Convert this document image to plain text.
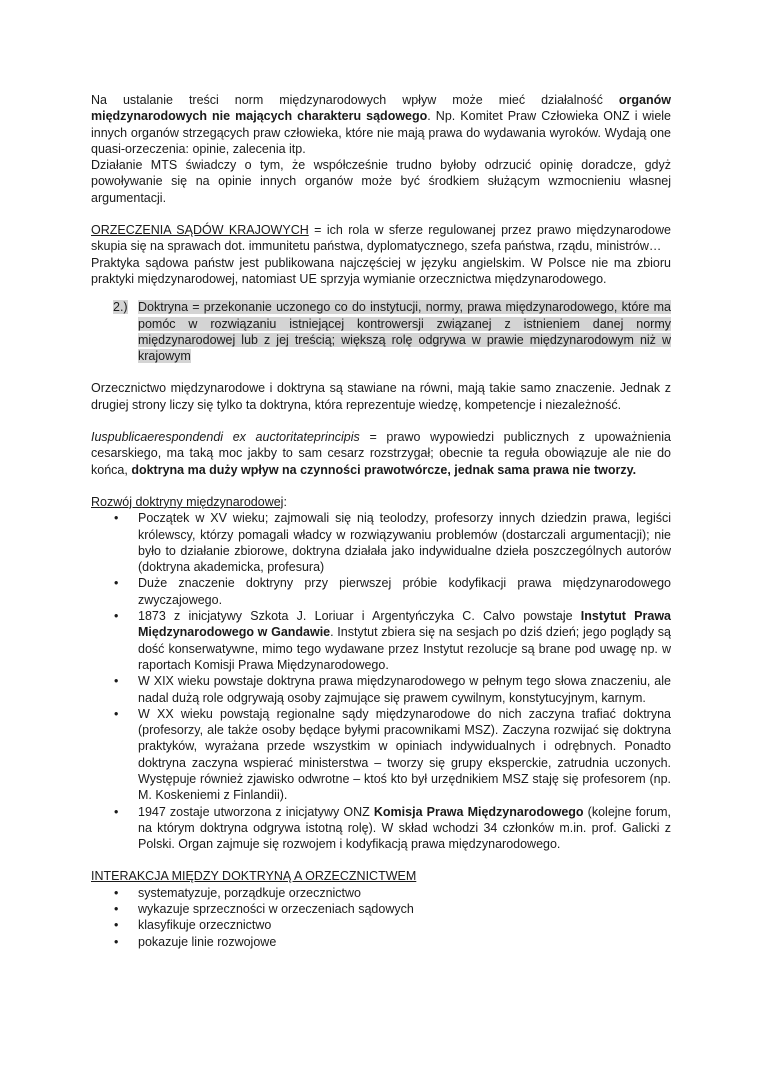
Na ustalanie treści norm międzynarodowych wpływ może mieć działalność organów międzynarodowych nie mających charakteru sądowego. Np. Komitet Praw Człowieka ONZ i wiele innych organów strzegących praw człowieka, które nie mają prawa do wydawania wyroków. Wydają one quasi-orzeczenia: opinie, zalecenia itp.

Działanie MTS świadczy o tym, że współcześnie trudno byłoby odrzucić opinię doradcze, gdyż powoływanie się na opinie innych organów może być środkiem służącym wzmocnieniu własnej argumentacji.

ORZECZENIA SĄDÓW KRAJOWYCH = ich rola w sferze regulowanej przez prawo międzynarodowe skupia się na sprawach dot. immunitetu państwa, dyplomatycznego, szefa państwa, rządu, ministrów…

Praktyka sądowa państw jest publikowana najczęściej w języku angielskim. W Polsce nie ma zbioru praktyki międzynarodowej, natomiast UE sprzyja wymianie orzecznictwa międzynarodowego.

2.) Doktryna = przekonanie uczonego co do instytucji, normy, prawa międzynarodowego, które ma pomóc w rozwiązaniu istniejącej kontrowersji związanej z istnieniem danej normy międzynarodowej lub z jej treścią; większą rolę odgrywa w prawie międzynarodowym niż w krajowym

Orzecznictwo międzynarodowe i doktryna są stawiane na równi, mają takie samo znaczenie. Jednak z drugiej strony liczy się tylko ta doktryna, która reprezentuje wiedzę, kompetencje i niezależność.

Iuspublicaerespondendi ex auctoritateprincipis = prawo wypowiedzi publicznych z upoważnienia cesarskiego, ma taką moc jakby to sam cesarz rozstrzygał; obecnie ta reguła obowiązuje ale nie do końca, doktryna ma duży wpływ na czynności prawotwórcze, jednak sama prawa nie tworzy.

Rozwój doktryny międzynarodowej:

• Początek w XV wieku; zajmowali się nią teolodzy, profesorzy innych dziedzin prawa, legiści królewscy, którzy pomagali władcy w rozwiązywaniu problemów (dostarczali argumentacji); nie było to działanie zbiorowe, doktryna działała jako indywidualne dzieła poszczególnych autorów (doktryna akademicka, profesura)
• Duże znaczenie doktryny przy pierwszej próbie kodyfikacji prawa międzynarodowego zwyczajowego.
• 1873 z inicjatywy Szkota J. Loriuar i Argentyńczyka C. Calvo powstaje Instytut Prawa Międzynarodowego w Gandawie. Instytut zbiera się na sesjach po dziś dzień; jego poglądy są dość konserwatywne, mimo tego wydawane przez Instytut rezolucje są brane pod uwagę np. w raportach Komisji Prawa Międzynarodowego.
• W XIX wieku powstaje doktryna prawa międzynarodowego w pełnym tego słowa znaczeniu, ale nadal dużą role odgrywają osoby zajmujące się prawem cywilnym, konstytucyjnym, karnym.
• W XX wieku powstają regionalne sądy międzynarodowe do nich zaczyna trafiać doktryna (profesorzy, ale także osoby będące byłymi pracownikami MSZ). Zaczyna rozwijać się doktryna praktyków, wyrażana przede wszystkim w opiniach indywidualnych i odrębnych. Ponadto doktryna zaczyna wspierać ministerstwa – tworzy się grupy eksperckie, zatrudnia uczonych. Występuje również zjawisko odwrotne – ktoś kto był urzędnikiem MSZ staję się profesorem (np. M. Koskeniemi z Finlandii).
• 1947 zostaje utworzona z inicjatywy ONZ Komisja Prawa Międzynarodowego (kolejne forum, na którym doktryna odgrywa istotną rolę). W skład wchodzi 34 członków m.in. prof. Galicki z Polski. Organ zajmuje się rozwojem i kodyfikacją prawa międzynarodowego.

INTERAKCJA MIĘDZY DOKTRYNĄ A ORZECZNICTWEM

• systematyzuje, porządkuje orzecznictwo
• wykazuje sprzeczności w orzeczeniach sądowych
• klasyfikuje orzecznictwo
• pokazuje linie rozwojowe
